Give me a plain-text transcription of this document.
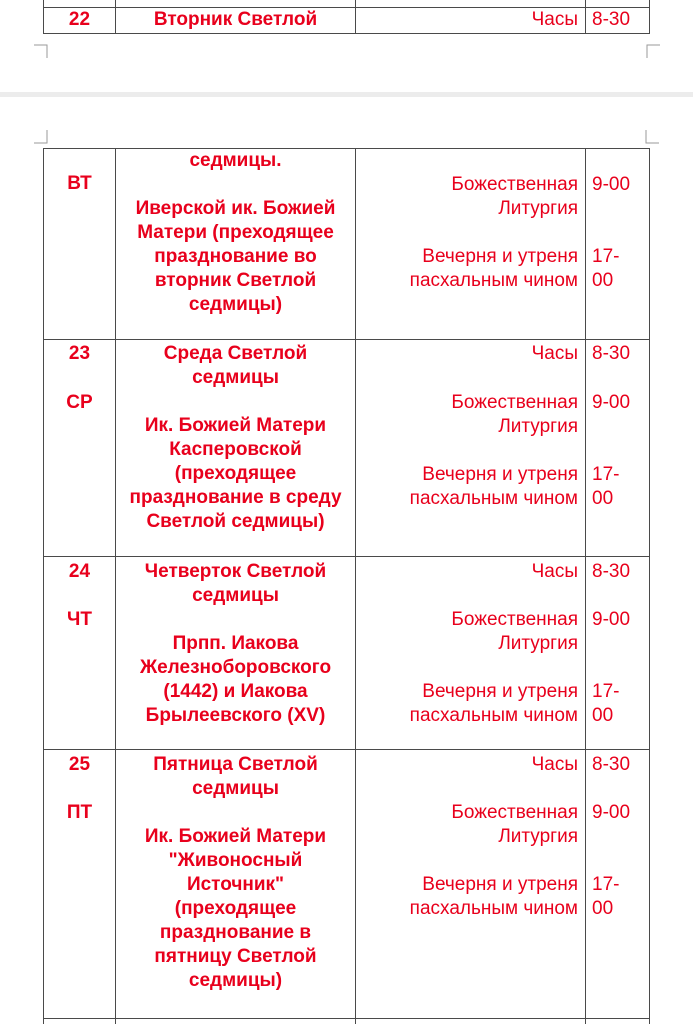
22	Вторник Светлой	Часы 8-30
ВТ
седмицы.
Иверской ик. Божией
Матери (преходящее
празднование во
вторник Светлой
седмицы)
Божественная
Литургия
9-00
Вечерня и утреня
пасхальным чином
17-
00
23
СР
Среда Светлой
седмицы
Ик. Божией Матери
Касперовской
(преходящее
празднование в среду
Светлой седмицы)
Часы 8-30
Божественная
Литургия
9-00
Вечерня и утреня
пасхальным чином
17-
00
24
ЧТ
Четверток Светлой
седмицы
Прпп. Иакова
Железноборовского
(1442) и Иакова
Брылеевского (XV)
Часы 8-30
Божественная
Литургия
9-00
Вечерня и утреня
пасхальным чином
17-
00
25
ПТ
Пятница Светлой
седмицы
Ик. Божией Матери
"Живоносный
Источник"
(преходящее
празднование в
пятницу Светлой
седмицы)
Часы 8-30
Божественная
Литургия
9-00
Вечерня и утреня
пасхальным чином
17-
00
